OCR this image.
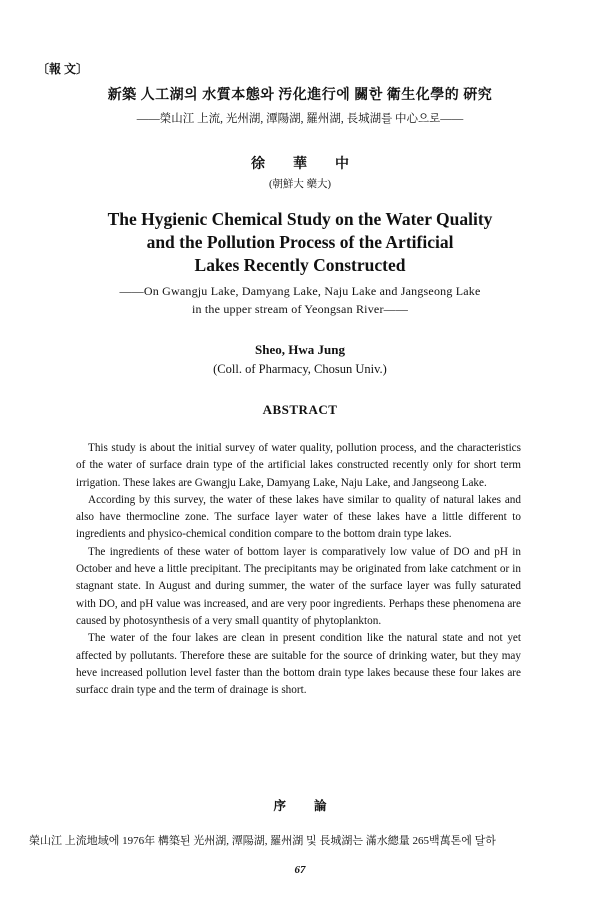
〔報 文〕
新築 人工湖의 水質本態와 汚化進行에 關한 衛生化學的 硏究
——榮山江 上流, 光州湖, 潭陽湖, 羅州湖, 長城湖를 中心으로——
徐華中
(朝鮮大 藥大)
The Hygienic Chemical Study on the Water Quality
and the Pollution Process of the Artificial
Lakes Recently Constructed
——On Gwangju Lake, Damyang Lake, Naju Lake and Jangseong Lake
in the upper stream of Yeongsan River——
Sheo, Hwa Jung
(Coll. of Pharmacy, Chosun Univ.)
ABSTRACT

This study is about the initial survey of water quality, pollution process, and the characteristics of the water of surface drain type of the artificial lakes constructed recently only for short term irrigation. These lakes are Gwangju Lake, Damyang Lake, Naju Lake, and Jangseong Lake.

According by this survey, the water of these lakes have similar to quality of natural lakes and also have thermocline zone. The surface layer water of these lakes have a little different to ingredients and physico-chemical condition compare to the bottom drain type lakes.

The ingredients of these water of bottom layer is comparatively low value of DO and pH in October and heve a little precipitant. The precipitants may be originated from lake catchment or in stagnant state. In August and during summer, the water of the surface layer was fully saturated with DO, and pH value was increased, and are very poor ingredients. Perhaps these phenomena are caused by photosynthesis of a very small quantity of phytoplankton.

The water of the four lakes are clean in present condition like the natural state and not yet affected by pollutants. Therefore these are suitable for the source of drinking water, but they may heve increased pollution level faster than the bottom drain type lakes because these four lakes are surfacc drain type and the term of drainage is short.

序論
榮山江 上流地域에 1976年 構築된 光州湖, 潭陽湖, 羅州湖 및 長城湖는 滿水總量 265백萬톤에 달하
67
